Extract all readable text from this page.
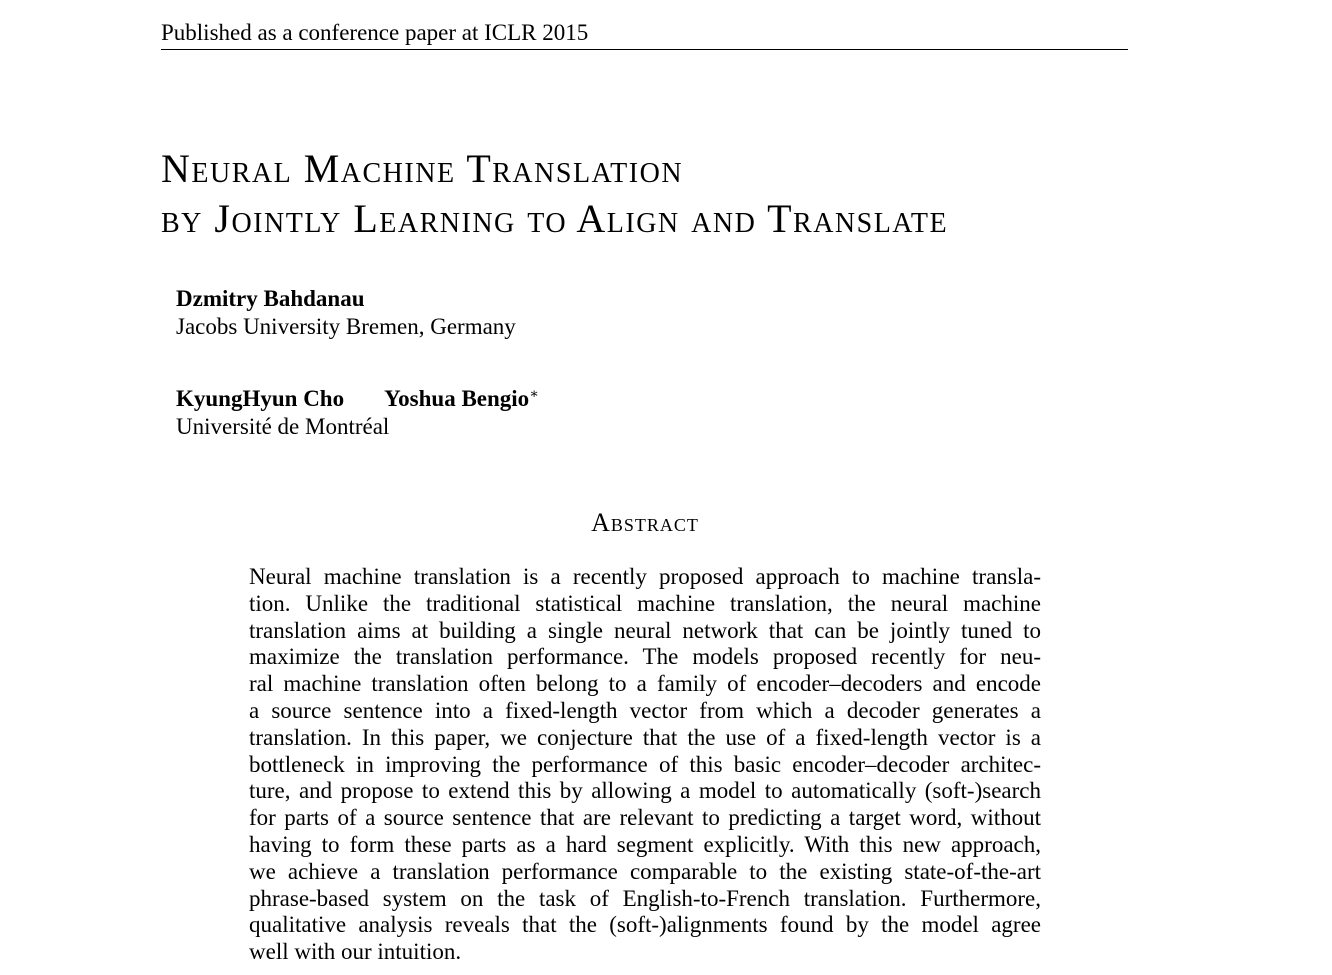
Published as a conference paper at ICLR 2015
Neural Machine Translation
by Jointly Learning to Align and Translate
Dzmitry Bahdanau
Jacobs University Bremen, Germany
KyungHyun Cho Yoshua Bengio∗
Université de Montréal
Abstract
Neural machine translation is a recently proposed approach to machine transla-
tion. Unlike the traditional statistical machine translation, the neural machine
translation aims at building a single neural network that can be jointly tuned to
maximize the translation performance. The models proposed recently for neu-
ral machine translation often belong to a family of encoder–decoders and encode
a source sentence into a fixed-length vector from which a decoder generates a
translation. In this paper, we conjecture that the use of a fixed-length vector is a
bottleneck in improving the performance of this basic encoder–decoder architec-
ture, and propose to extend this by allowing a model to automatically (soft-)search
for parts of a source sentence that are relevant to predicting a target word, without
having to form these parts as a hard segment explicitly. With this new approach,
we achieve a translation performance comparable to the existing state-of-the-art
phrase-based system on the task of English-to-French translation. Furthermore,
qualitative analysis reveals that the (soft-)alignments found by the model agree
well with our intuition.
